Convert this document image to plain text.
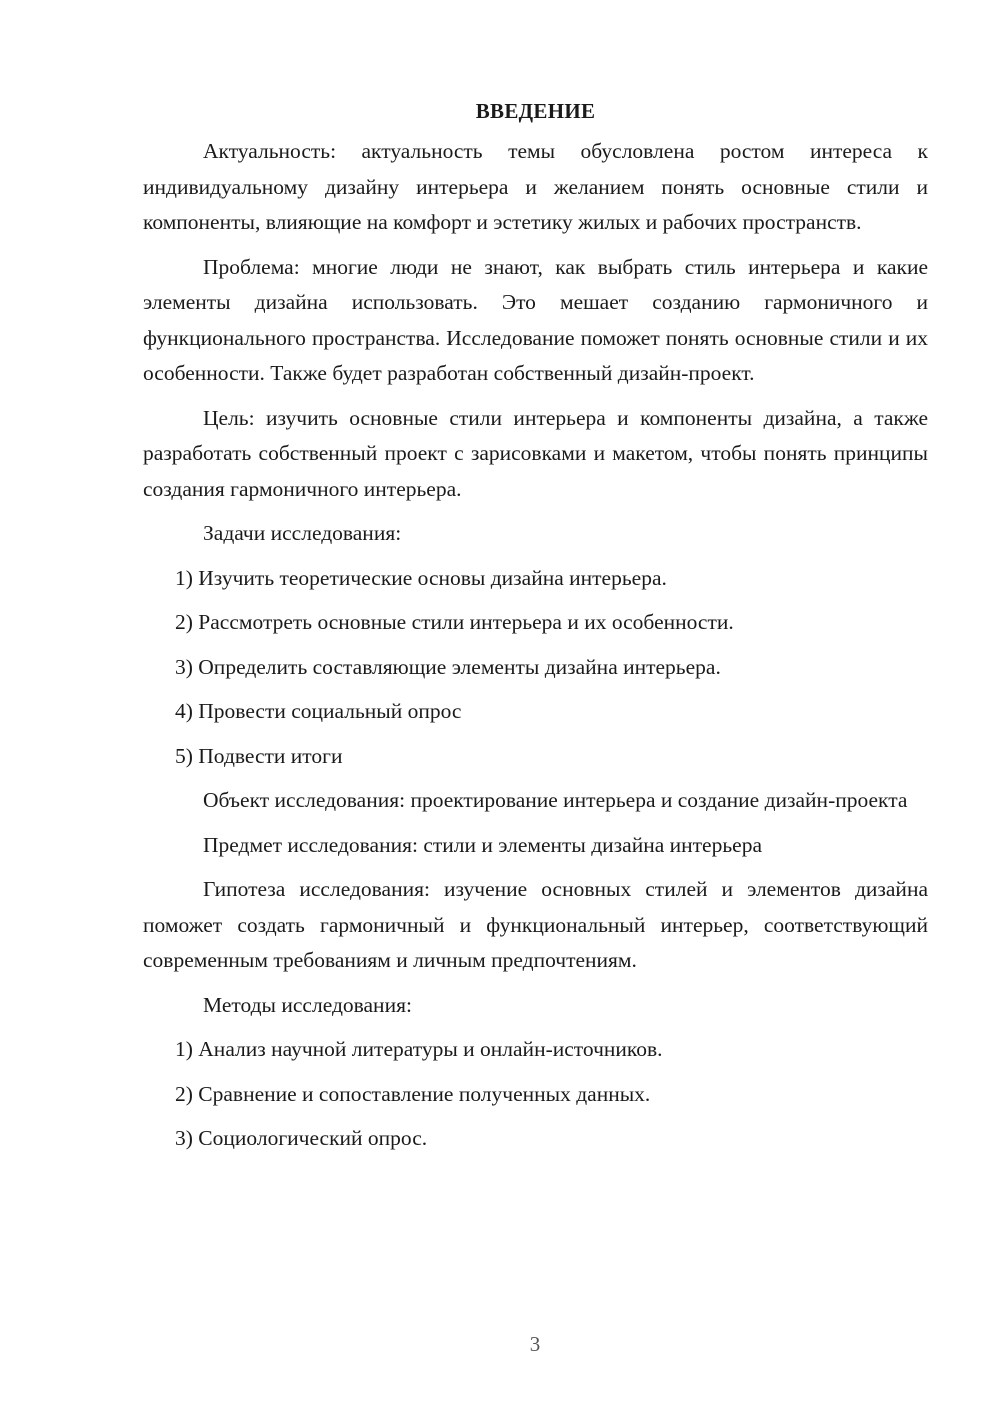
ВВЕДЕНИЕ

Актуальность: актуальность темы обусловлена ростом интереса к индивидуальному дизайну интерьера и желанием понять основные стили и компоненты, влияющие на комфорт и эстетику жилых и рабочих пространств.

Проблема: многие люди не знают, как выбрать стиль интерьера и какие элементы дизайна использовать. Это мешает созданию гармоничного и функционального пространства. Исследование поможет понять основные стили и их особенности. Также будет разработан собственный дизайн-проект.

Цель: изучить основные стили интерьера и компоненты дизайна, а также разработать собственный проект с зарисовками и макетом, чтобы понять принципы создания гармоничного интерьера.

Задачи исследования:

1) Изучить теоретические основы дизайна интерьера.
2) Рассмотреть основные стили интерьера и их особенности.
3) Определить составляющие элементы дизайна интерьера.
4) Провести социальный опрос
5) Подвести итоги

Объект исследования: проектирование интерьера и создание дизайн-проекта

Предмет исследования: стили и элементы дизайна интерьера

Гипотеза исследования: изучение основных стилей и элементов дизайна поможет создать гармоничный и функциональный интерьер, соответствующий современным требованиям и личным предпочтениям.

Методы исследования:

1) Анализ научной литературы и онлайн-источников.
2) Сравнение и сопоставление полученных данных.
3) Социологический опрос.
3
